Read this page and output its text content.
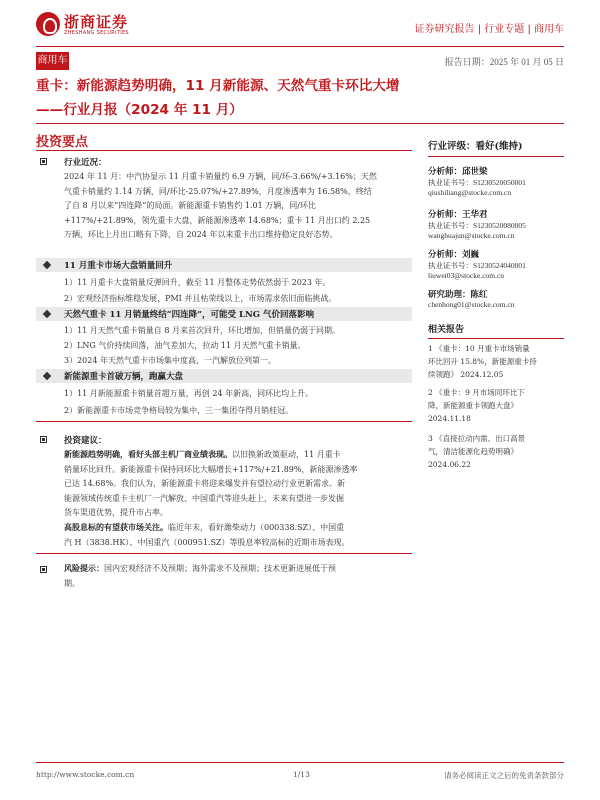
浙商证券
ZHESHANG SECURITIES	证券研究报告 | 行业专题 | 商用车
商用车	报告日期：2025 年 01 月 05 日
重卡：新能源趋势明确，11 月新能源、天然气重卡环比大增
——行业月报（2024 年 11 月）
投资要点
行业近况：
2024 年 11 月：中汽协显示 11 月重卡销量约 6.9 万辆，同/环-3.66%/+3.16%；天然
气重卡销量约 1.14 万辆，同/环比-25.07%/+27.89%，月度渗透率为 16.58%，终结
了自 8 月以来“四连降”的局面。新能源重卡销售约 1.01 万辆，同/环比
+117%/+21.89%，领先重卡大盘，新能源渗透率 14.68%；重卡 11 月出口约 2.25
万辆，环比上月出口略有下降，自 2024 年以来重卡出口维持稳定良好态势。
11 月重卡市场大盘销量回升
1）11 月重卡大盘销量反弹回升，截至 11 月整体走势依然弱于 2023 年。
2）宏观经济指标维稳发展，PMI 并且枯荣线以上，市场需求依旧面临挑战。
天然气重卡 11 月销量终结“四连降”，可能受 LNG 气价回落影响
1）11 月天然气重卡销量自 8 月来首次回升，环比增加，但销量仍弱于同期。
2）LNG 气价持续回落，油气差加大，拉动 11 月天然气重卡销量。
3）2024 年天然气重卡市场集中度高，一汽解放位列第一。
新能源重卡首破万辆，跑赢大盘
1）11 月新能源重卡销量首超万量，再创 24 年新高，同环比均上升。
2）新能源重卡市场竞争格局较为集中，三一集团夺得月销桂冠。
投资建议：
新能源趋势明确，看好头部主机厂商业绩表现。以旧换新政策驱动，11 月重卡
销量环比回升。新能源重卡保持同环比大幅增长+117%/+21.89%，新能源渗透率
已达 14.68%。我们认为，新能源重卡将迎来爆发并有望拉动行业更新需求。新
能源领域传统重卡主机厂一汽解放、中国重汽等迎头赶上，未来有望进一步发掘
货车渠道优势，提升市占率。
高股息标的有望获市场关注。临近年末，看好潍柴动力（000338.SZ）、中国重
汽 H（3838.HK）、中国重汽（000951.SZ）等股息率较高标的近期市场表现。
风险提示：国内宏观经济不及预期；海外需求不及预期；技术更新进展低于预
期。
行业评级：看好(维持)
分析师：邱世梁
执业证书号：S1230520050001
qiushiliang@stocke.com.cn
分析师：王华君
执业证书号：S1230520080005
wanghuajun@stocke.com.cn
分析师：刘巍
执业证书号：S1230524040001
liuwei03@stocke.com.cn
研究助理：陈红
chenhong01@stocke.com.cn
相关报告
1 《重卡：10 月重卡市场销量
环比回升 15.8%，新能源重卡持
续领跑》 2024.12.05
2 《重卡：9 月市场同环比下
降，新能源重卡领跑大盘》
2024.11.18
3 《直接拉动内需、出口高景
气，清洁能源化趋势明确》
2024.06.22
http://www.stocke.com.cn	1/13	请务必阅读正文之后的免责条款部分
